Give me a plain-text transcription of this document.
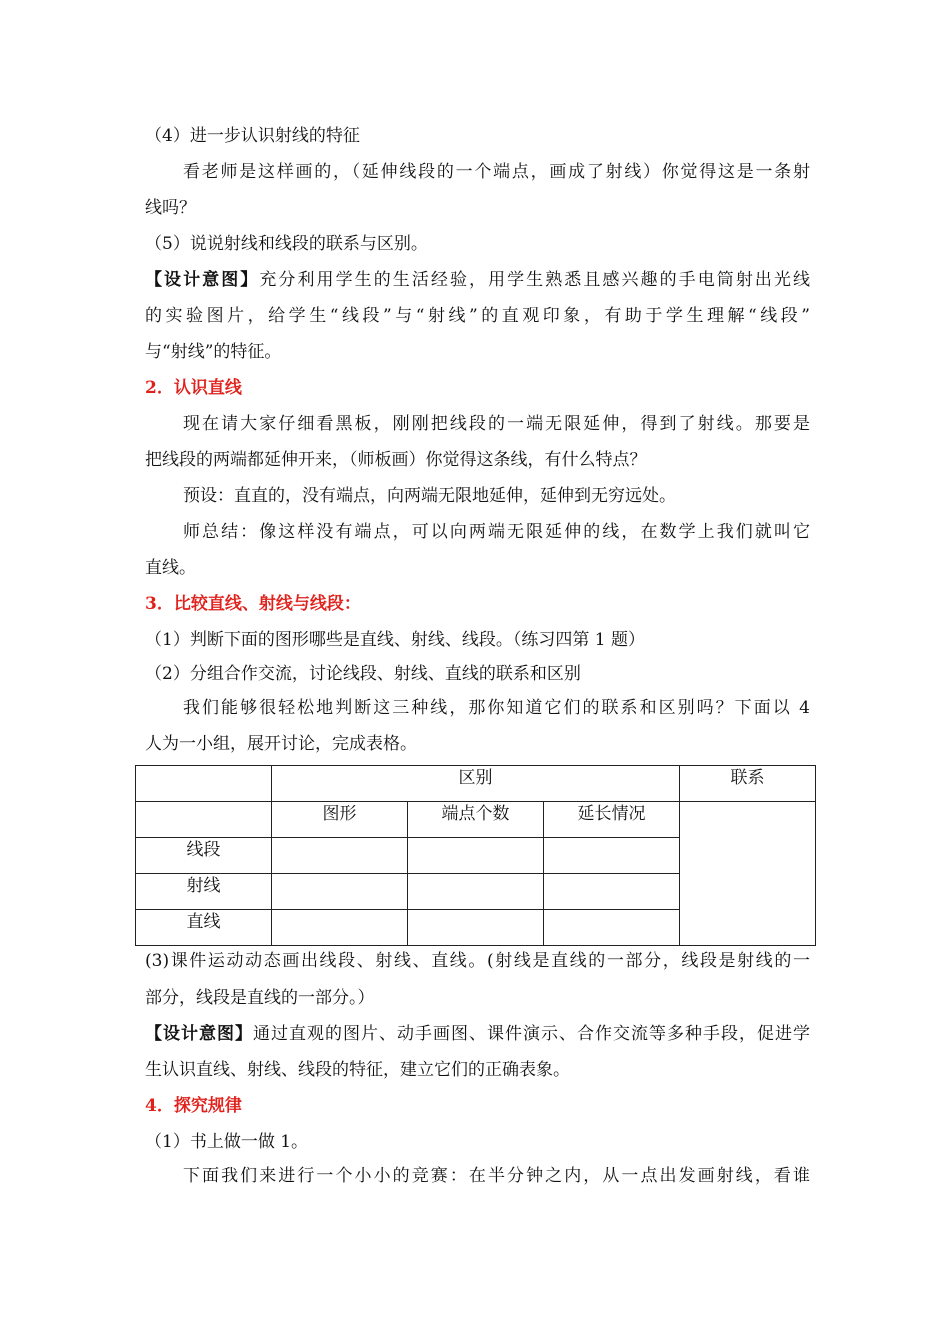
（4）进一步认识射线的特征
看老师是这样画的，（延伸线段的一个端点，画成了射线）你觉得这是一条射
线吗？
（5）说说射线和线段的联系与区别。
【设计意图】充分利用学生的生活经验，用学生熟悉且感兴趣的手电筒射出光线
的实验图片，给学生“线段”与“射线”的直观印象，有助于学生理解“线段”
与“射线”的特征。
2．认识直线
现在请大家仔细看黑板，刚刚把线段的一端无限延伸，得到了射线。那要是
把线段的两端都延伸开来，（师板画）你觉得这条线，有什么特点？
预设：直直的，没有端点，向两端无限地延伸，延伸到无穷远处。
师总结：像这样没有端点，可以向两端无限延伸的线，在数学上我们就叫它
直线。
3．比较直线、射线与线段：
（1）判断下面的图形哪些是直线、射线、线段。（练习四第 1 题）
（2）分组合作交流，讨论线段、射线、直线的联系和区别
我们能够很轻松地判断这三种线，那你知道它们的联系和区别吗？下面以 4
人为一小组，展开讨论，完成表格。
	区别			联系
	图形	端点个数	延长情况	
线段				
射线				
直线				
(3)课件运动动态画出线段、射线、直线。(射线是直线的一部分，线段是射线的一
部分，线段是直线的一部分。）
【设计意图】通过直观的图片、动手画图、课件演示、合作交流等多种手段，促进学
生认识直线、射线、线段的特征，建立它们的正确表象。
4．探究规律
（1）书上做一做 1。
下面我们来进行一个小小的竞赛：在半分钟之内，从一点出发画射线，看谁
